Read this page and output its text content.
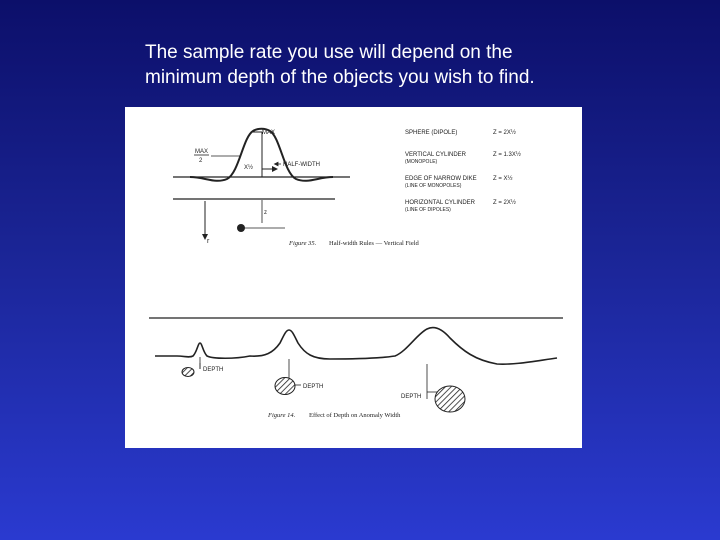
The sample rate you use will depend on the
minimum depth of the objects you wish to find.
MAX
MAX
2
X½	HALF-WIDTH
r
z
SPHERE (DIPOLE)	Z = 2X½
VERTICAL CYLINDER
(MONOPOLE)
Z = 1.3X½
EDGE OF NARROW DIKE
(LINE OF MONOPOLES)
Z = X½
HORIZONTAL CYLINDER
(LINE OF DIPOLES)
Z = 2X½
Figure 35. Half-width Rules — Vertical Field
DEPTH
DEPTH
DEPTH
Figure 14. Effect of Depth on Anomaly Width
